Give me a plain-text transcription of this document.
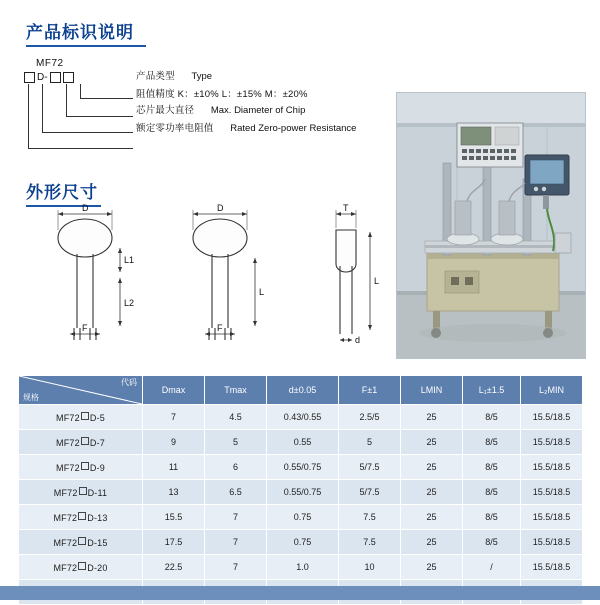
产品标识说明
MF72
D-	产品类型 Type
阻值精度 K：±10% L：±15% M：±20%
芯片最大直径 Max. Diameter of Chip
额定零功率电阻值 Rated Zero-power Resistance
外形尺寸
D
L1
L2
F
D
L
F
T
L
d
代码
规格	Dmax	Tmax	d±0.05	F±1	LMIN	L₁±1.5	L₂MIN
MF72 D-5	7	4.5	0.43/0.55	2.5/5	25	8/5	15.5/18.5
MF72 D-7	9	5	0.55	5	25	8/5	15.5/18.5
MF72 D-9	11	6	0.55/0.75	5/7.5	25	8/5	15.5/18.5
MF72 D-11	13	6.5	0.55/0.75	5/7.5	25	8/5	15.5/18.5
MF72 D-13	15.5	7	0.75	7.5	25	8/5	15.5/18.5
MF72 D-15	17.5	7	0.75	7.5	25	8/5	15.5/18.5
MF72 D-20	22.5	7	1.0	10	25	/	15.5/18.5
